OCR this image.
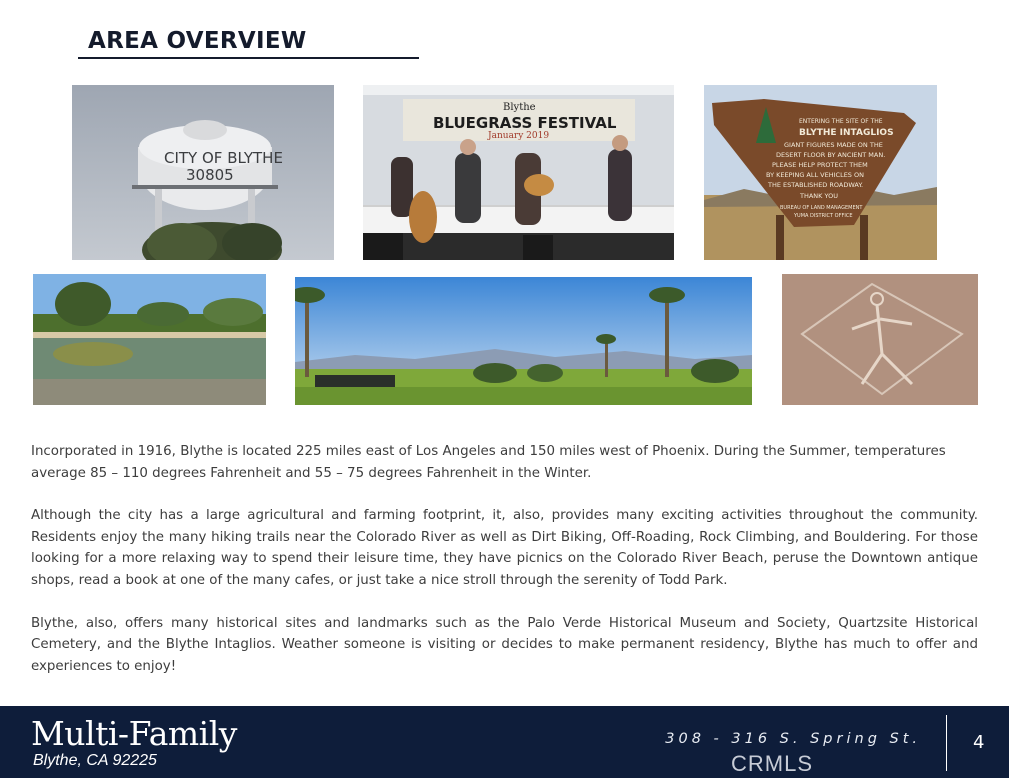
AREA OVERVIEW
CITY OF BLYTHE
30805
Blythe
BLUEGRASS FESTIVAL
January 2019
ENTERING THE SITE OF THE
BLYTHE INTAGLIOS
GIANT FIGURES MADE ON THE
DESERT FLOOR BY ANCIENT MAN.
PLEASE HELP PROTECT THEM
BY KEEPING ALL VEHICLES ON
THE ESTABLISHED ROADWAY.
THANK YOU
BUREAU OF LAND MANAGEMENT
YUMA DISTRICT OFFICE

Incorporated in 1916, Blythe is located 225 miles east of Los Angeles and 150 miles west of Phoenix. During the Summer, temperatures average 85 – 110 degrees Fahrenheit and 55 – 75 degrees Fahrenheit in the Winter.

Although the city has a large agricultural and farming footprint, it, also, provides many exciting activities throughout the community. Residents enjoy the many hiking trails near the Colorado River as well as Dirt Biking, Off-Roading, Rock Climbing, and Bouldering. For those looking for a more relaxing way to spend their leisure time, they have picnics on the Colorado River Beach, peruse the Downtown antique shops, read a book at one of the many cafes, or just take a nice stroll through the serenity of Todd Park.

Blythe, also, offers many historical sites and landmarks such as the Palo Verde Historical Museum and Society, Quartzsite Historical Cemetery, and the Blythe Intaglios. Weather someone is visiting or decides to make permanent residency, Blythe has much to offer and experiences to enjoy!

Multi-Family
Blythe, CA 92225
308 - 316 S. Spring St.
CRMLS
4
